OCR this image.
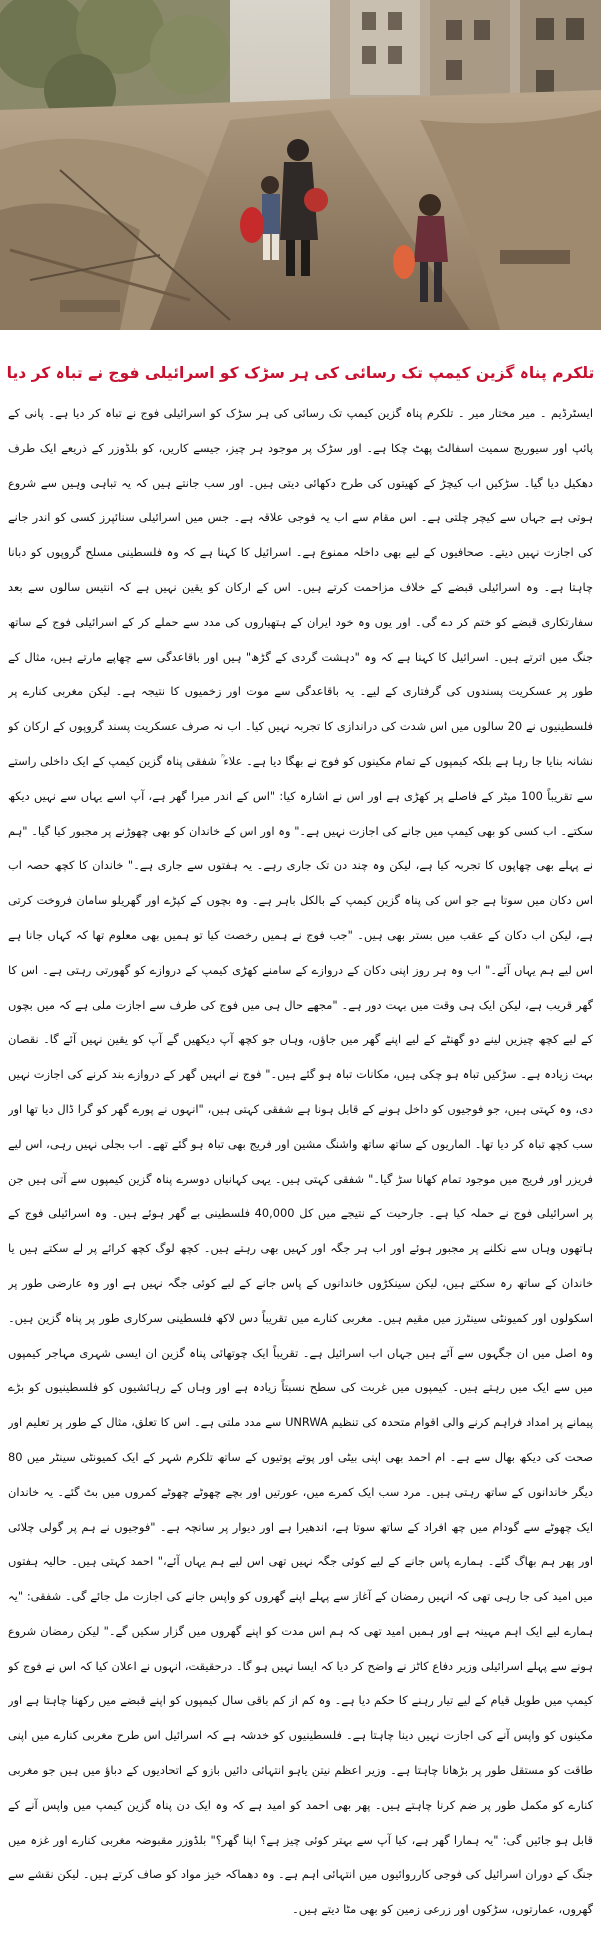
تلکرم پناہ گزین کیمپ تک رسائی کی ہر سڑک کو اسرائیلی فوج نے تباہ کر دیا

ایسٹرڈیم ۔ میر مختار میر ۔ تلکرم پناہ گزین کیمپ تک رسائی کی ہر سڑک کو اسرائیلی فوج نے تباہ کر دیا ہے۔ پانی کے پائپ اور سیوریج سمیت اسفالٹ پھٹ چکا ہے۔ اور سڑک پر موجود ہر چیز، جیسے کاریں، کو بلڈوزر کے ذریعے ایک طرف دھکیل دیا گیا۔ سڑکیں اب کیچڑ کے کھیتوں کی طرح دکھائی دیتی ہیں۔ اور سب جانتے ہیں کہ یہ تباہی وہیں سے شروع ہوتی ہے جہاں سے کیچر چلتی ہے۔ اس مقام سے اب یہ فوجی علاقہ ہے۔ جس میں اسرائیلی سنائپرز کسی کو اندر جانے کی اجازت نہیں دیتے۔ صحافیوں کے لیے بھی داخلہ ممنوع ہے۔ اسرائیل کا کہنا ہے کہ وہ فلسطینی مسلح گروپوں کو دبانا چاہتا ہے۔ وہ اسرائیلی قبضے کے خلاف مزاحمت کرتے ہیں۔ اس کے ارکان کو یقین نہیں ہے کہ انتیس سالوں سے بعد سفارتکاری قبضے کو ختم کر دے گی۔ اور یوں وہ خود ایران کے ہتھیاروں کی مدد سے حملے کر کے اسرائیلی فوج کے ساتھ جنگ میں اترتے ہیں۔ اسرائیل کا کہنا ہے کہ وہ "دہشت گردی کے گڑھ" ہیں اور باقاعدگی سے چھاپے مارتے ہیں، مثال کے طور پر عسکریت پسندوں کی گرفتاری کے لیے۔ یہ باقاعدگی سے موت اور زخمیوں کا نتیجہ ہے۔ لیکن مغربی کنارے پر فلسطینیوں نے 20 سالوں میں اس شدت کی دراندازی کا تجربہ نہیں کیا۔ اب نہ صرف عسکریت پسند گروپوں کے ارکان کو نشانہ بنایا جا رہا ہے بلکہ کیمپوں کے تمام مکینوں کو فوج نے بھگا دیا ہے۔ علاء ؒ شفقی پناہ گزین کیمپ کے ایک داخلی راستے سے تقریباً 100 میٹر کے فاصلے پر کھڑی ہے اور اس نے اشارہ کیا: "اس کے اندر میرا گھر ہے، آپ اسے یہاں سے نہیں دیکھ سکتے۔ اب کسی کو بھی کیمپ میں جانے کی اجازت نہیں ہے۔" وہ اور اس کے خاندان کو بھی چھوڑنے پر مجبور کیا گیا۔ "ہم نے پہلے بھی چھاپوں کا تجربہ کیا ہے، لیکن وہ چند دن تک جاری رہے۔ یہ ہفتوں سے جاری ہے۔" خاندان کا کچھ حصہ اب اس دکان میں سوتا ہے جو اس کی پناہ گزین کیمپ کے بالکل باہر ہے۔ وہ بچوں کے کپڑے اور گھریلو سامان فروخت کرتی ہے، لیکن اب دکان کے عقب میں بستر بھی ہیں۔ "جب فوج نے ہمیں رخصت کیا تو ہمیں بھی معلوم تھا کہ کہاں جانا ہے اس لیے ہم یہاں آئے۔" اب وہ ہر روز اپنی دکان کے دروازے کے سامنے کھڑی کیمپ کے دروازے کو گھورتی رہتی ہے۔ اس کا گھر قریب ہے، لیکن ایک ہی وقت میں بہت دور ہے۔ "مجھے حال ہی میں فوج کی طرف سے اجازت ملی ہے کہ میں بچوں کے لیے کچھ چیزیں لینے دو گھنٹے کے لیے اپنے گھر میں جاؤں، وہاں جو کچھ آپ دیکھیں گے آپ کو یقین نہیں آئے گا۔ نقصان بہت زیادہ ہے۔ سڑکیں تباہ ہو چکی ہیں، مکانات تباہ ہو گئے ہیں۔" فوج نے انہیں گھر کے دروازے بند کرنے کی اجازت نہیں دی، وہ کہتی ہیں، جو فوجیوں کو داخل ہونے کے قابل ہونا ہے شفقی کہتی ہیں، "انہوں نے پورے گھر کو گرا ڈال دیا تھا اور سب کچھ تباہ کر دیا تھا۔ الماریوں کے ساتھ ساتھ واشنگ مشین اور فریج بھی تباہ ہو گئے تھے۔ اب بجلی نہیں رہی، اس لیے فریزر اور فریج میں موجود تمام کھانا سڑ گیا۔" شفقی کہتی ہیں۔ یہی کہانیاں دوسرے پناہ گزین کیمپوں سے آتی ہیں جن پر اسرائیلی فوج نے حملہ کیا ہے۔ جارحیت کے نتیجے میں کل 40,000 فلسطینی بے گھر ہوئے ہیں۔ وہ اسرائیلی فوج کے ہاتھوں وہاں سے نکلنے پر مجبور ہوئے اور اب ہر جگہ اور کہیں بھی رہتے ہیں۔ کچھ لوگ کچھ کرائے پر لے سکتے ہیں یا خاندان کے ساتھ رہ سکتے ہیں، لیکن سینکڑوں خاندانوں کے پاس جانے کے لیے کوئی جگہ نہیں ہے اور وہ عارضی طور پر اسکولوں اور کمیونٹی سینٹرز میں مقیم ہیں۔ مغربی کنارے میں تقریباً دس لاکھ فلسطینی سرکاری طور پر پناہ گزین ہیں۔ وہ اصل میں ان جگہوں سے آئے ہیں جہاں اب اسرائیل ہے۔ تقریباً ایک چوتھائی پناہ گزین ان ایسی شہری مہاجر کیمپوں میں سے ایک میں رہتے ہیں۔ کیمپوں میں غربت کی سطح نسبتاً زیادہ ہے اور وہاں کے رہائشیوں کو فلسطینیوں کو بڑے پیمانے پر امداد فراہم کرنے والی اقوام متحدہ کی تنظیم UNRWA سے مدد ملتی ہے۔ اس کا تعلق، مثال کے طور پر تعلیم اور صحت کی دیکھ بھال سے ہے۔ ام احمد بھی اپنی بیٹی اور پوتے پوتیوں کے ساتھ تلکرم شہر کے ایک کمیونٹی سینٹر میں 80 دیگر خاندانوں کے ساتھ رہتی ہیں۔ مرد سب ایک کمرے میں، عورتیں اور بچے چھوٹے چھوٹے کمروں میں بٹ گئے۔ یہ خاندان ایک چھوٹے سے گودام میں چھ افراد کے ساتھ سوتا ہے، اندھیرا ہے اور دیوار پر سانچہ ہے۔ "فوجیوں نے ہم پر گولی چلائی اور پھر ہم بھاگ گئے۔ ہمارے پاس جانے کے لیے کوئی جگہ نہیں تھی اس لیے ہم یہاں آئے،" احمد کہتی ہیں۔ حالیہ ہفتوں میں امید کی جا رہی تھی کہ انہیں رمضان کے آغاز سے پہلے اپنے گھروں کو واپس جانے کی اجازت مل جائے گی۔ شفقی: "یہ ہمارے لیے ایک اہم مہینہ ہے اور ہمیں امید تھی کہ ہم اس مدت کو اپنے گھروں میں گزار سکیں گے۔" لیکن رمضان شروع ہونے سے پہلے اسرائیلی وزیر دفاع کاٹز نے واضح کر دیا کہ ایسا نہیں ہو گا۔ درحقیقت، انہوں نے اعلان کیا کہ اس نے فوج کو کیمپ میں طویل قیام کے لیے تیار رہنے کا حکم دیا ہے۔ وہ کم از کم باقی سال کیمپوں کو اپنے قبضے میں رکھنا چاہتا ہے اور مکینوں کو واپس آنے کی اجازت نہیں دینا چاہتا ہے۔ فلسطینیوں کو خدشہ ہے کہ اسرائیل اس طرح مغربی کنارے میں اپنی طاقت کو مستقل طور پر بڑھانا چاہتا ہے۔ وزیر اعظم نیتن یاہو انتہائی دائیں بازو کے اتحادیوں کے دباؤ میں ہیں جو مغربی کنارے کو مکمل طور پر ضم کرنا چاہتے ہیں۔ پھر بھی احمد کو امید ہے کہ وہ ایک دن پناہ گزین کیمپ میں واپس آنے کے قابل ہو جائیں گی: "یہ ہمارا گھر ہے، کیا آپ سے بہتر کوئی چیز ہے؟ اپنا گھر؟" بلڈوزر مقبوضہ مغربی کنارے اور غزہ میں جنگ کے دوران اسرائیل کی فوجی کارروائیوں میں انتہائی اہم ہے۔ وہ دھماکہ خیز مواد کو صاف کرتے ہیں۔ لیکن نقشے سے گھروں، عمارتوں، سڑکوں اور زرعی زمین کو بھی مٹا دیتے ہیں۔
